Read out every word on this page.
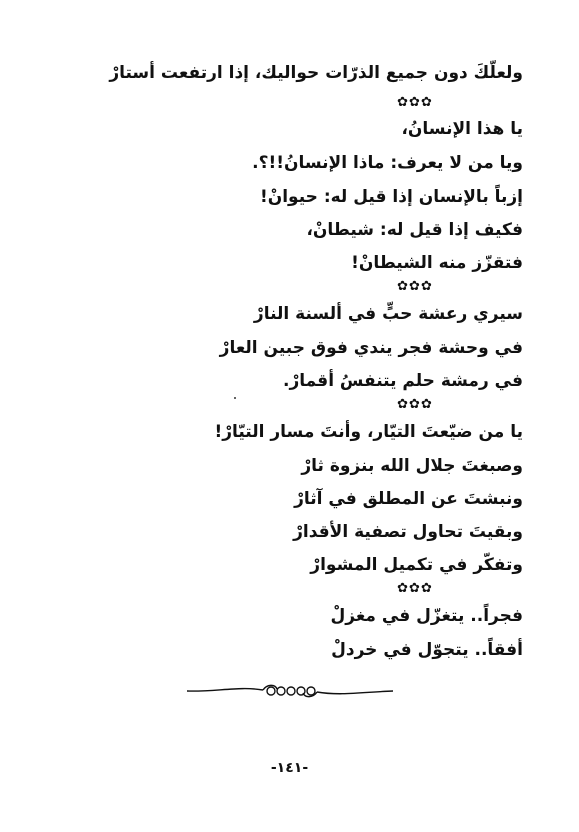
ولعلّكَ دون جميع الذرّات حواليك، إذا ارتفعت أستارْ
✿✿✿
يا هذا الإنسانُ،
ويا من لا يعرف: ماذا الإنسانُ!!؟.
إزباً بالإنسان إذا قيل له: حيوانْ!
فكيف إذا قيل له: شيطانْ،
فتقزّز منه الشيطانْ!
✿✿✿
سيري رعشة حبٍّ في ألسنة النارْ
في وحشة فجر يندي فوق جبين العارْ
في رمشة حلم يتنفسُ أقمارْ.
✿✿✿
يا من ضيّعتَ التيّار، وأنتَ مسار التيّارْ!
وصبغتَ جلال الله بنزوة ثارْ
ونبشتَ عن المطلق في آثارْ
وبقيتَ تحاول تصفية الأقدارْ
وتفكّر في تكميل المشوارْ
✿✿✿
فجراً.. يتغزّل في مغزلْ
أفقاً.. يتجوّل في خردلْ
-١٤١-
